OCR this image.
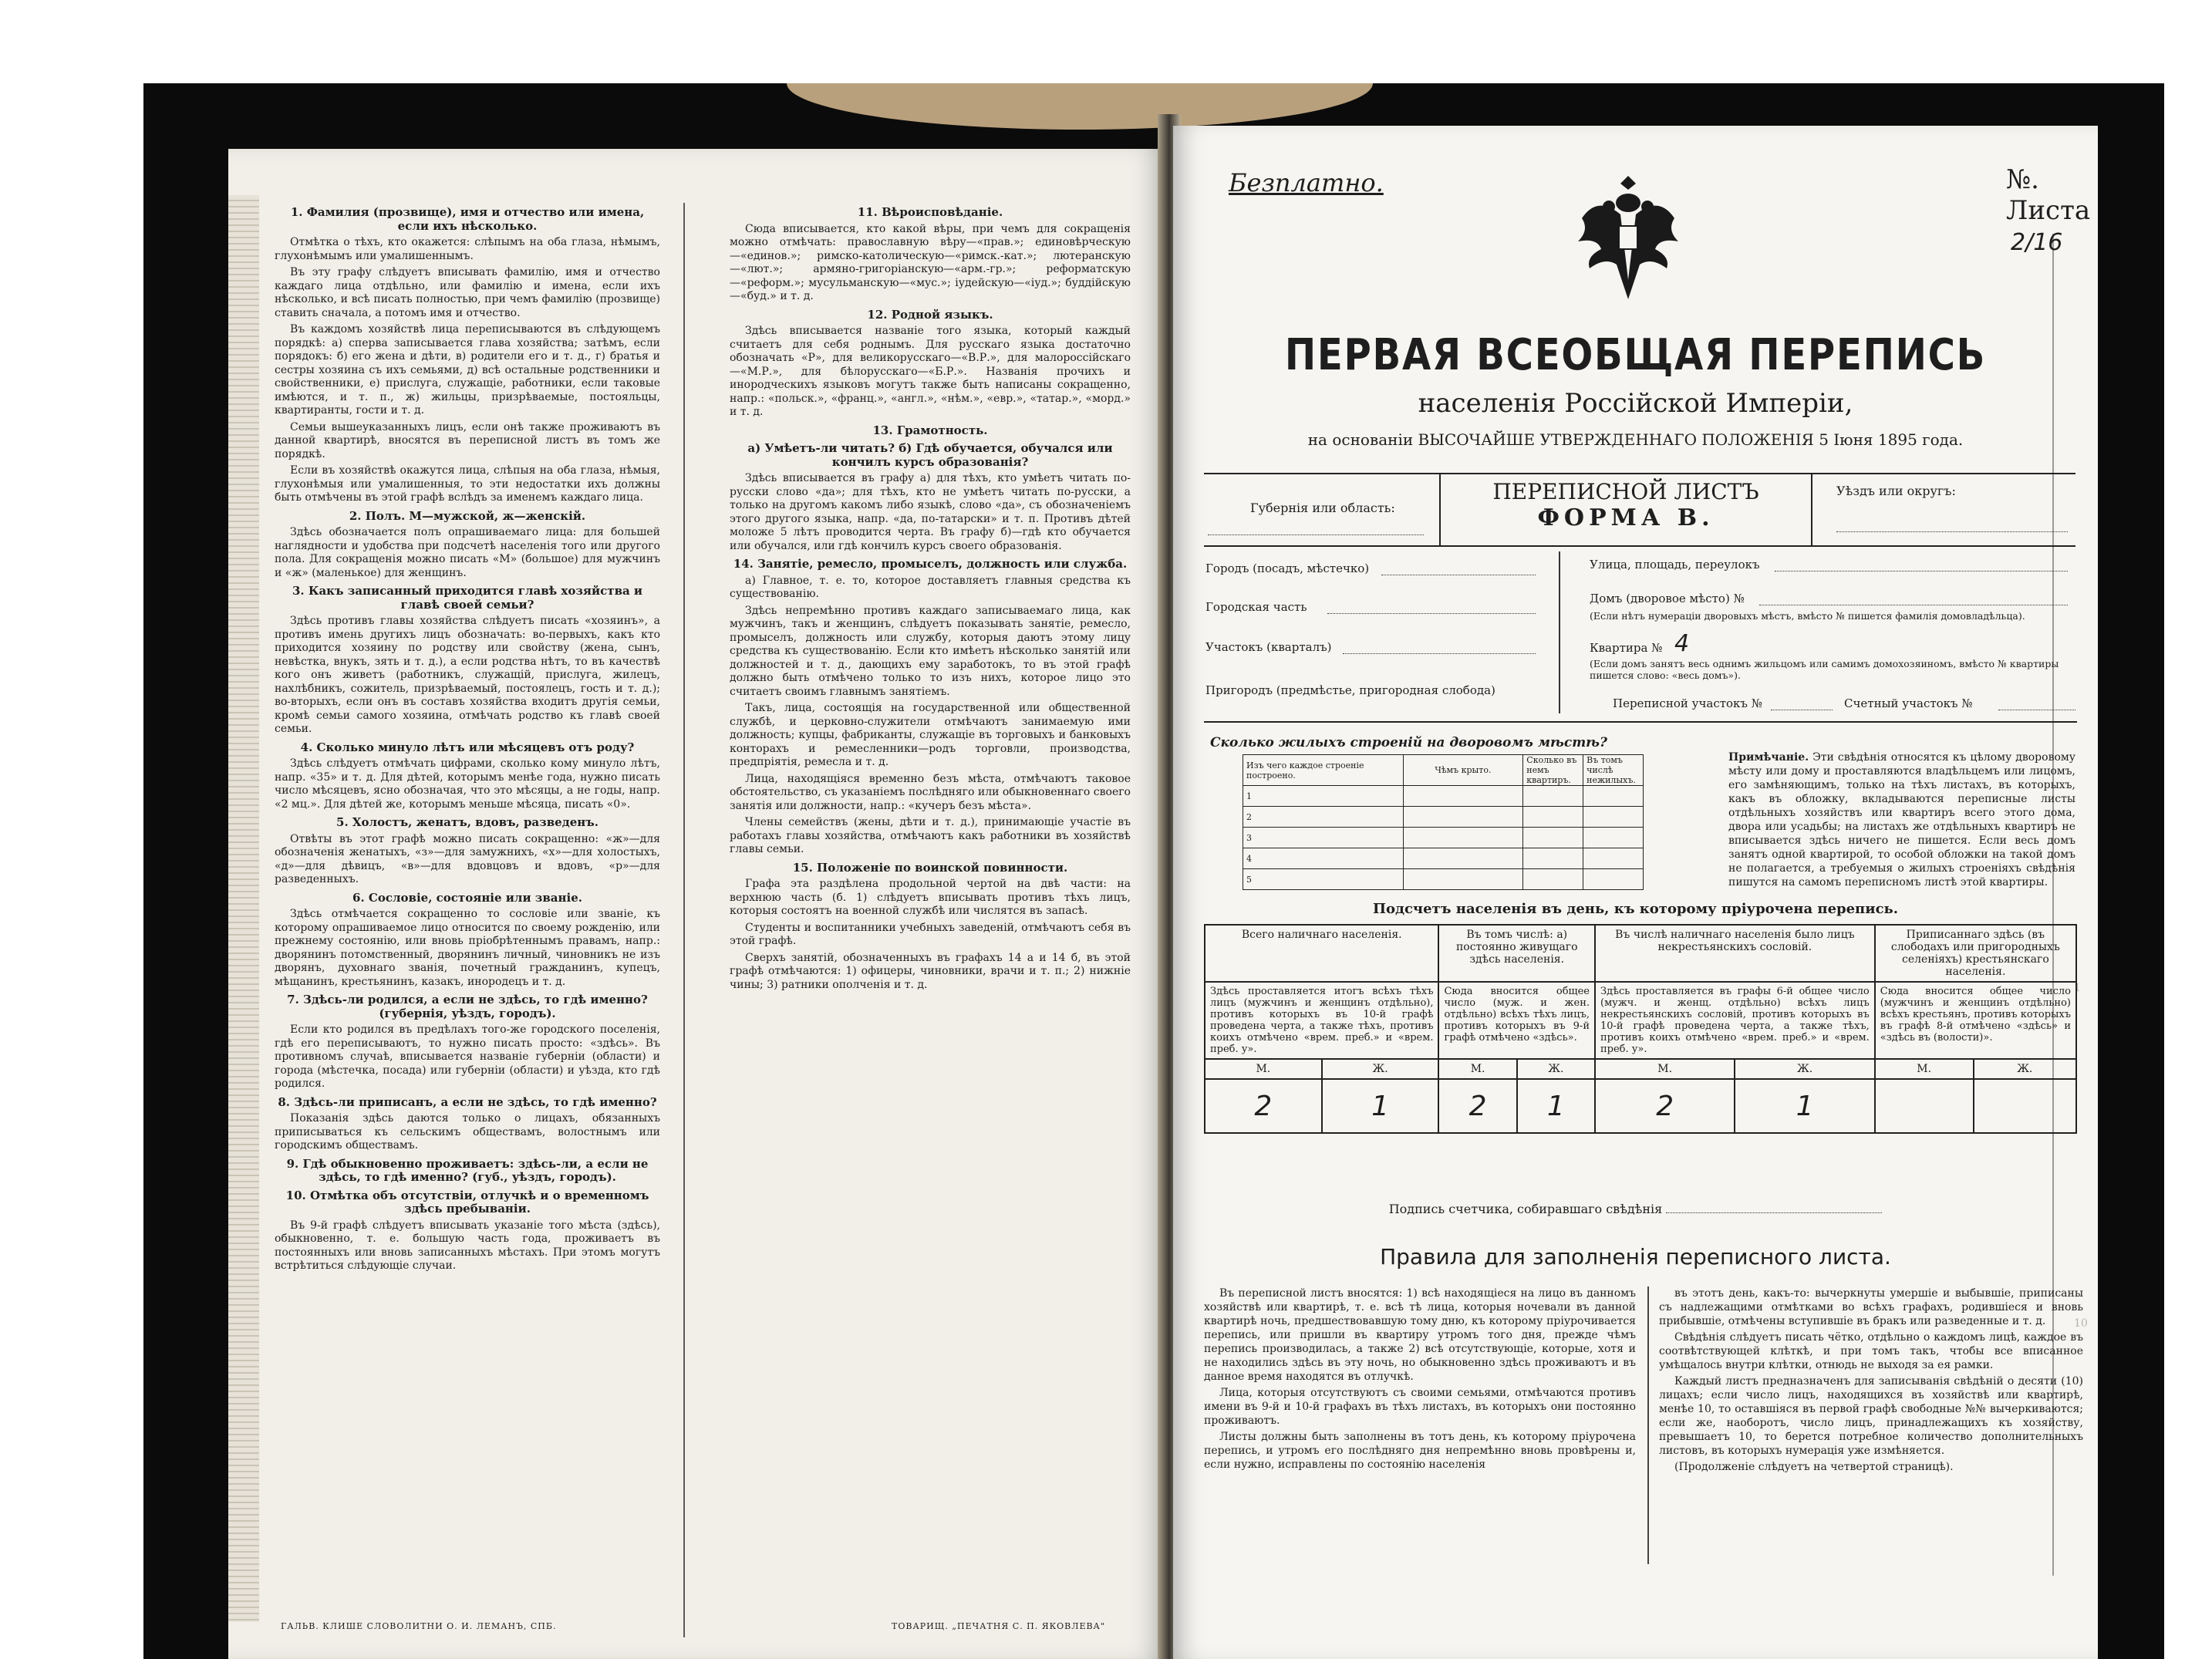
1. Фамилия (прозвище), имя и отчество или имена, если ихъ нѣсколько.

Отмѣтка о тѣхъ, кто окажется: слѣпымъ на оба глаза, нѣмымъ, глухонѣмымъ или умалишеннымъ.

Въ эту графу слѣдуетъ вписывать фамилію, имя и отчество каждаго лица отдѣльно, или фамилію и имена, если ихъ нѣсколько, и всѣ писать полностью, при чемъ фамилію (прозвище) ставить сначала, а потомъ имя и отчество.

Въ каждомъ хозяйствѣ лица переписываются въ слѣдующемъ порядкѣ: а) сперва записывается глава хозяйства; затѣмъ, если порядокъ: б) его жена и дѣти, в) родители его и т. д., г) братья и сестры хозяина съ ихъ семьями, д) всѣ остальные родственники и свойственники, е) прислуга, служащіе, работники, если таковые имѣются, и т. п., ж) жильцы, призрѣваемые, постояльцы, квартиранты, гости и т. д.

Семьи вышеуказанныхъ лицъ, если онѣ также проживаютъ въ данной квартирѣ, вносятся въ переписной листъ въ томъ же порядкѣ.

Если въ хозяйствѣ окажутся лица, слѣпыя на оба глаза, нѣмыя, глухонѣмыя или умалишенныя, то эти недостатки ихъ должны быть отмѣчены въ этой графѣ вслѣдъ за именемъ каждаго лица.

2. Полъ. М—мужской, ж—женскій.

Здѣсь обозначается полъ опрашиваемаго лица: для большей наглядности и удобства при подсчетѣ населенія того или другого пола. Для сокращенія можно писать «М» (большое) для мужчинъ и «ж» (маленькое) для женщинъ.

3. Какъ записанный приходится главѣ хозяйства и главѣ своей семьи?

Здѣсь противъ главы хозяйства слѣдуетъ писать «хозяинъ», а противъ имень другихъ лицъ обозначать: во-первыхъ, какъ кто приходится хозяину по родству или свойству (жена, сынъ, невѣстка, внукъ, зять и т. д.), а если родства нѣтъ, то въ качествѣ кого онъ живетъ (работникъ, служащій, прислуга, жилецъ, нахлѣбникъ, сожитель, призрѣваемый, постоялецъ, гость и т. д.); во-вторыхъ, если онъ въ составъ хозяйства входитъ другія семьи, кромѣ семьи самого хозяина, отмѣчать родство къ главѣ своей семьи.

4. Сколько минуло лѣтъ или мѣсяцевъ отъ роду?

Здѣсь слѣдуетъ отмѣчать цифрами, сколько кому минуло лѣтъ, напр. «35» и т. д. Для дѣтей, которымъ менѣе года, нужно писать число мѣсяцевъ, ясно обозначая, что это мѣсяцы, а не годы, напр. «2 мц.». Для дѣтей же, которымъ меньше мѣсяца, писать «0».

5. Холостъ, женатъ, вдовъ, разведенъ.

Отвѣты въ этот графѣ можно писать сокращенно: «ж»—для обозначенія женатыхъ, «з»—для замужнихъ, «х»—для холостыхъ, «д»—для дѣвицъ, «в»—для вдовцовъ и вдовъ, «р»—для разведенныхъ.

6. Сословіе, состояніе или званіе.

Здѣсь отмѣчается сокращенно то сословіе или званіе, къ которому опрашиваемое лицо относится по своему рожденію, или прежнему состоянію, или вновь пріобрѣтеннымъ правамъ, напр.: дворянинъ потомственный, дворянинъ личный, чиновникъ не изъ дворянъ, духовнаго званія, почетный гражданинъ, купецъ, мѣщанинъ, крестьянинъ, казакъ, инородецъ и т. д.

7. Здѣсь-ли родился, а если не здѣсь, то гдѣ именно? (губернія, уѣздъ, городъ).

Если кто родился въ предѣлахъ того-же городского поселенія, гдѣ его переписываютъ, то нужно писать просто: «здѣсь». Въ противномъ случаѣ, вписывается названіе губерніи (области) и города (мѣстечка, посада) или губерніи (области) и уѣзда, кто гдѣ родился.

8. Здѣсь-ли приписанъ, а если не здѣсь, то гдѣ именно?

Показанія здѣсь даются только о лицахъ, обязанныхъ приписываться къ сельскимъ обществамъ, волостнымъ или городскимъ обществамъ.

9. Гдѣ обыкновенно проживаетъ: здѣсь-ли, а если не здѣсь, то гдѣ именно? (губ., уѣздъ, городъ).
10. Отмѣтка объ отсутствіи, отлучкѣ и о временномъ здѣсь пребываніи.

Въ 9-й графѣ слѣдуетъ вписывать указаніе того мѣста (здѣсь), обыкновенно, т. е. большую часть года, проживаетъ въ постоянныхъ или вновь записанныхъ мѣстахъ. При этомъ могутъ встрѣтиться слѣдующіе случаи.

11. Вѣроисповѣданіе.

Сюда вписывается, кто какой вѣры, при чемъ для сокращенія можно отмѣчать: православную вѣру—«прав.»; единовѣрческую—«единов.»; римско-католическую—«римск.-кат.»; лютеранскую—«лют.»; армяно-григоріанскую—«арм.-гр.»; реформатскую—«реформ.»; мусульманскую—«мус.»; іудейскую—«іуд.»; буддійскую—«буд.» и т. д.

12. Родной языкъ.

Здѣсь вписывается названіе того языка, который каждый считаетъ для себя роднымъ. Для русскаго языка достаточно обозначать «Р», для великорусскаго—«В.Р.», для малороссійскаго—«М.Р.», для бѣлорусскаго—«Б.Р.». Названія прочихъ и инородческихъ языковъ могутъ также быть написаны сокращенно, напр.: «польск.», «франц.», «англ.», «нѣм.», «евр.», «татар.», «морд.» и т. д.

13. Грамотность.
а) Умѣетъ-ли читать? б) Гдѣ обучается, обучался или кончилъ курсъ образованія?

Здѣсь вписывается въ графу а) для тѣхъ, кто умѣетъ читать по-русски слово «да»; для тѣхъ, кто не умѣетъ читать по-русски, а только на другомъ какомъ либо языкѣ, слово «да», съ обозначеніемъ этого другого языка, напр. «да, по-татарски» и т. п. Противъ дѣтей моложе 5 лѣтъ проводится черта. Въ графу б)—гдѣ кто обучается или обучался, или гдѣ кончилъ курсъ своего образованія.

14. Занятіе, ремесло, промыселъ, должность или служба.

а) Главное, т. е. то, которое доставляетъ главныя средства къ существованію.

Здѣсь непремѣнно противъ каждаго записываемаго лица, как мужчинъ, такъ и женщинъ, слѣдуетъ показывать занятіе, ремесло, промыселъ, должность или службу, которыя даютъ этому лицу средства къ существованію. Если кто имѣетъ нѣсколько занятій или должностей и т. д., дающихъ ему заработокъ, то въ этой графѣ должно быть отмѣчено только то изъ нихъ, которое лицо это считаетъ своимъ главнымъ занятіемъ.

Такъ, лица, состоящія на государственной или общественной службѣ, и церковно-служители отмѣчаютъ занимаемую ими должность; купцы, фабриканты, служащіе въ торговыхъ и банковыхъ конторахъ и ремесленники—родъ торговли, производства, предпріятія, ремесла и т. д.

Лица, находящіяся временно безъ мѣста, отмѣчаютъ таковое обстоятельство, съ указаніемъ послѣдняго или обыкновеннаго своего занятія или должности, напр.: «кучеръ безъ мѣста».

Члены семействъ (жены, дѣти и т. д.), принимающіе участіе въ работахъ главы хозяйства, отмѣчаютъ какъ работники въ хозяйствѣ главы семьи.

15. Положеніе по воинской повинности.

Графа эта раздѣлена продольной чертой на двѣ части: на верхнюю часть (б. 1) слѣдуетъ вписывать противъ тѣхъ лицъ, которыя состоятъ на военной службѣ или числятся въ запасѣ.

Студенты и воспитанники учебныхъ заведеній, отмѣчаютъ себя въ этой графѣ.

Сверхъ занятій, обозначенныхъ въ графахъ 14 а и 14 б, въ этой графѣ отмѣчаются: 1) офицеры, чиновники, врачи и т. п.; 2) нижніе чины; 3) ратники ополченія и т. д.

ГАЛЬВ. КЛИШЕ СЛОВОЛИТНИ О. И. ЛЕМАНЪ, СПБ.	ТОВАРИЩ. „ПЕЧАТНЯ С. П. ЯКОВЛЕВА"
1
10
Безплатно.	№. Листа 2/16
ПЕРВАЯ ВСЕОБЩАЯ ПЕРЕПИСЬ
населенія Россійской Имперіи,
на основаніи ВЫСОЧАЙШЕ УТВЕРЖДЕННАГО ПОЛОЖЕНІЯ 5 Іюня 1895 года.
Губернія или область:
ПЕРЕПИСНОЙ ЛИСТЪ
ФОРМА В.
Уѣздъ или округъ:
Городъ (посадъ, мѣстечко)
Городская часть
Участокъ (кварталъ)
Пригородъ (предмѣстье, пригородная слобода)
Улица, площадь, переулокъ
Домъ (дворовое мѣсто) №
(Если нѣтъ нумераціи дворовыхъ мѣстъ, вмѣсто № пишется фамилія домовладѣльца).
Квартира № 4
(Если домъ занятъ весь однимъ жильцомъ или самимъ домохозяиномъ, вмѣсто № квартиры пишется слово: «весь домъ»).
Переписной участокъ №	Счетный участокъ №
Сколько жилыхъ строеній на дворовомъ мѣстѣ?
Изъ чего каждое строеніе построено.	Чѣмъ крыто.	Сколько въ немъ квартиръ.	Въ томъ числѣ нежилыхъ.
1			
2			
3			
4			
5			
Примѣчаніе. Эти свѣдѣнія относятся къ цѣлому дворовому мѣсту или дому и проставляются владѣльцемъ или лицомъ, его замѣняющимъ, только на тѣхъ листахъ, въ которыхъ, какъ въ обложку, вкладываются переписные листы отдѣльныхъ хозяйствъ или квартиръ всего этого дома, двора или усадьбы; на листахъ же отдѣльныхъ квартиръ не вписывается здѣсь ничего не пишется. Если весь домъ занятъ одной квартирой, то особой обложки на такой домъ не полагается, а требуемыя о жилыхъ строеніяхъ свѣдѣнія пишутся на самомъ переписномъ листѣ этой квартиры.
Подсчетъ населенія въ день, къ которому пріурочена перепись.
Всего наличнаго населенія.		Въ томъ числѣ: а) постоянно живущаго здѣсь населенія.		Въ числѣ наличнаго населенія было лицъ некрестьянскихъ сословій.		Приписаннаго здѣсь (въ слободахъ или пригородныхъ селеніяхъ) крестьянскаго населенія.	
Здѣсь проставляется итогъ всѣхъ тѣхъ лицъ (мужчинъ и женщинъ отдѣльно), противъ которыхъ въ 10-й графѣ проведена черта, а также тѣхъ, противъ коихъ отмѣчено «врем. преб.» и «врем. преб. у».		Сюда вносится общее число (муж. и жен. отдѣльно) всѣхъ тѣхъ лицъ, противъ которыхъ въ 9-й графѣ отмѣчено «здѣсь».		Здѣсь проставляется въ графы 6-й общее число (мужч. и женщ. отдѣльно) всѣхъ лицъ некрестьянскихъ сословій, противъ которыхъ въ 10-й графѣ проведена черта, а также тѣхъ, противъ коихъ отмѣчено «врем. преб.» и «врем. преб. у».		Сюда вносится общее число (мужчинъ и женщинъ отдѣльно) всѣхъ крестьянъ, противъ которыхъ въ графѣ 8-й отмѣчено «здѣсь» и «здѣсь въ (волости)».	
М.	Ж.	М.	Ж.	М.	Ж.	М.	Ж.
2	1	2	1	2	1		
Подпись счетчика, собиравшаго свѣдѣнія
Правила для заполненія переписного листа.

Въ переписной листъ вносятся: 1) всѣ находящіеся на лицо въ данномъ хозяйствѣ или квартирѣ, т. е. всѣ тѣ лица, которыя ночевали въ данной квартирѣ ночь, предшествовавшую тому дню, къ которому пріурочивается перепись, или пришли въ квартиру утромъ того дня, прежде чѣмъ перепись производилась, а также 2) всѣ отсутствующіе, которые, хотя и не находились здѣсь въ эту ночь, но обыкновенно здѣсь проживаютъ и въ данное время находятся въ отлучкѣ.

Лица, которыя отсутствуютъ съ своими семьями, отмѣчаются противъ имени въ 9-й и 10-й графахъ въ тѣхъ листахъ, въ которыхъ они постоянно проживаютъ.

Листы должны быть заполнены въ тотъ день, къ которому пріурочена перепись, и утромъ его послѣдняго дня непремѣнно вновь провѣрены и, если нужно, исправлены по состоянію населенія

въ этотъ день, какъ-то: вычеркнуты умершіе и выбывшіе, приписаны съ надлежащими отмѣтками во всѣхъ графахъ, родившіеся и вновь прибывшіе, отмѣчены вступившіе въ бракъ или разведенные и т. д.

Свѣдѣнія слѣдуетъ писать чётко, отдѣльно о каждомъ лицѣ, каждое въ соотвѣтствующей клѣткѣ, и при томъ такъ, чтобы все вписанное умѣщалось внутри клѣтки, отнюдь не выходя за ея рамки.

Каждый листъ предназначенъ для записыванія свѣдѣній о десяти (10) лицахъ; если число лицъ, находящихся въ хозяйствѣ или квартирѣ, менѣе 10, то оставшіяся въ первой графѣ свободные №№ вычеркиваются; если же, наоборотъ, число лицъ, принадлежащихъ къ хозяйству, превышаетъ 10, то берется потребное количество дополнительныхъ листовъ, въ которыхъ нумерація уже измѣняется.

(Продолженіе слѣдуетъ на четвертой страницѣ).
